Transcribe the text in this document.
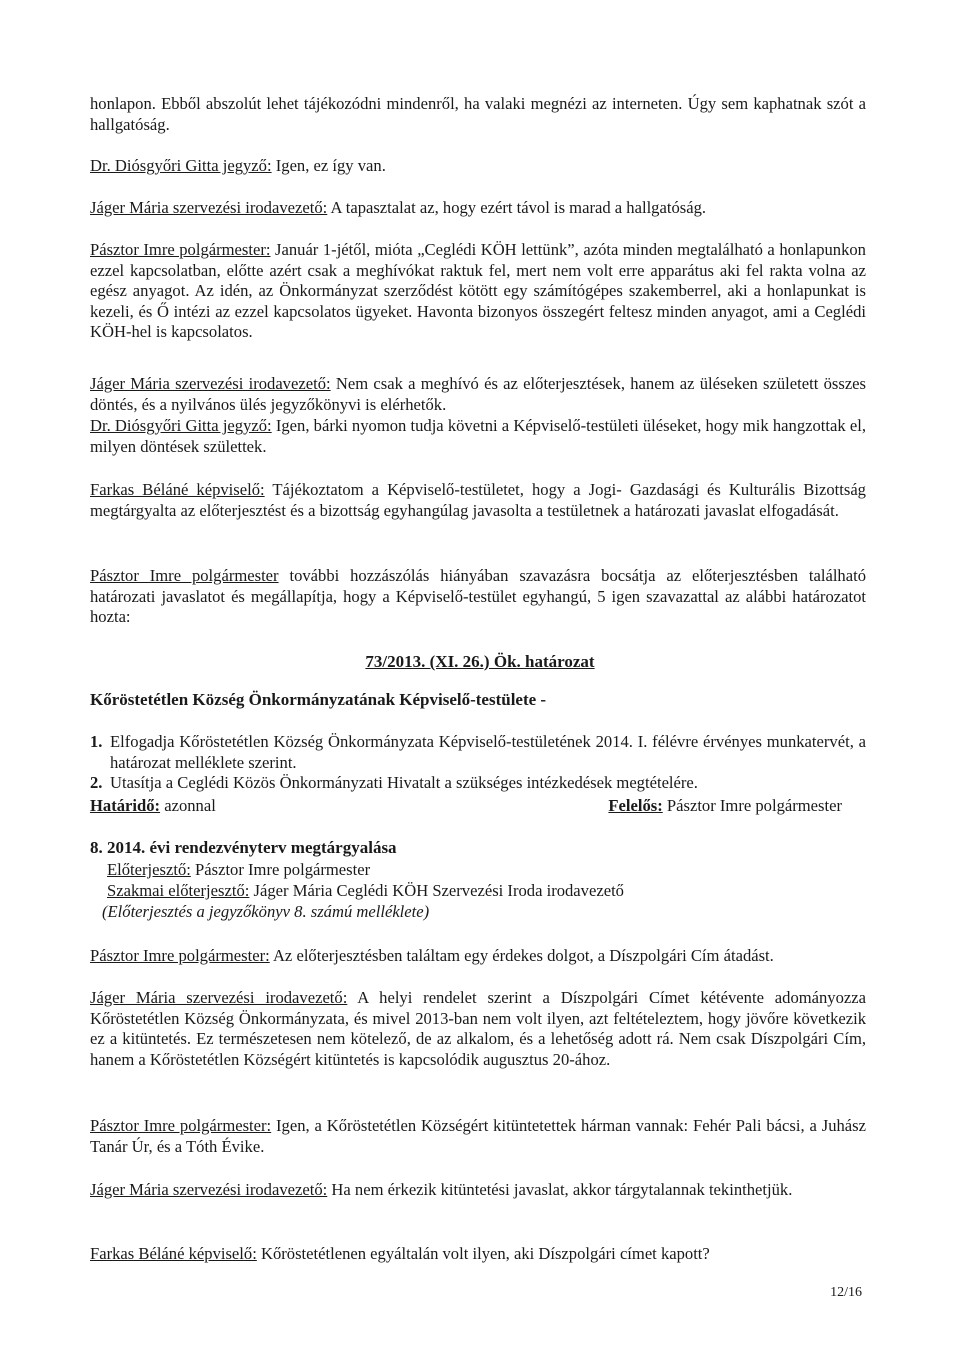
honlapon. Ebből abszolút lehet tájékozódni mindenről, ha valaki megnézi az interneten. Úgy sem kaphatnak szót a hallgatóság.
Dr. Diósgyőri Gitta jegyző: Igen, ez így van.
Jáger Mária szervezési irodavezető: A tapasztalat az, hogy ezért távol is marad a hallgatóság.
Pásztor Imre polgármester: Január 1-jétől, mióta „Ceglédi KÖH lettünk”, azóta minden megtalálható a honlapunkon ezzel kapcsolatban, előtte azért csak a meghívókat raktuk fel, mert nem volt erre apparátus aki fel rakta volna az egész anyagot. Az idén, az Önkormányzat szerződést kötött egy számítógépes szakemberrel, aki a honlapunkat is kezeli, és Ő intézi az ezzel kapcsolatos ügyeket. Havonta bizonyos összegért feltesz minden anyagot, ami a Ceglédi KÖH-hel is kapcsolatos.
Jáger Mária szervezési irodavezető: Nem csak a meghívó és az előterjesztések, hanem az üléseken született összes döntés, és a nyilvános ülés jegyzőkönyvi is elérhetők.
Dr. Diósgyőri Gitta jegyző: Igen, bárki nyomon tudja követni a Képviselő-testületi üléseket, hogy mik hangzottak el, milyen döntések születtek.
Farkas Béláné képviselő: Tájékoztatom a Képviselő-testületet, hogy a Jogi- Gazdasági és Kulturális Bizottság megtárgyalta az előterjesztést és a bizottság egyhangúlag javasolta a testületnek a határozati javaslat elfogadását.
Pásztor Imre polgármester további hozzászólás hiányában szavazásra bocsátja az előterjesztésben található határozati javaslatot és megállapítja, hogy a Képviselő-testület egyhangú, 5 igen szavazattal az alábbi határozatot hozta:
73/2013. (XI. 26.) Ök. határozat
Kőröstetétlen Község Önkormányzatának Képviselő-testülete -
1. Elfogadja Kőröstetétlen Község Önkormányzata Képviselő-testületének 2014. I. félévre érvényes munkatervét, a határozat melléklete szerint.
2. Utasítja a Ceglédi Közös Önkormányzati Hivatalt a szükséges intézkedések megtételére.
Határidő: azonnal	Felelős: Pásztor Imre polgármester
8. 2014. évi rendezvényterv megtárgyalása
Előterjesztő: Pásztor Imre polgármester
Szakmai előterjesztő: Jáger Mária Ceglédi KÖH Szervezési Iroda irodavezető
(Előterjesztés a jegyzőkönyv 8. számú melléklete)
Pásztor Imre polgármester: Az előterjesztésben találtam egy érdekes dolgot, a Díszpolgári Cím átadást.
Jáger Mária szervezési irodavezető: A helyi rendelet szerint a Díszpolgári Címet kétévente adományozza Kőröstetétlen Község Önkormányzata, és mivel 2013-ban nem volt ilyen, azt feltételeztem, hogy jövőre következik ez a kitüntetés. Ez természetesen nem kötelező, de az alkalom, és a lehetőség adott rá. Nem csak Díszpolgári Cím, hanem a Kőröstetétlen Községért kitüntetés is kapcsolódik augusztus 20-ához.
Pásztor Imre polgármester: Igen, a Kőröstetétlen Községért kitüntetettek hárman vannak: Fehér Pali bácsi, a Juhász Tanár Úr, és a Tóth Évike.
Jáger Mária szervezési irodavezető: Ha nem érkezik kitüntetési javaslat, akkor tárgytalannak tekinthetjük.
Farkas Béláné képviselő: Kőröstetétlenen egyáltalán volt ilyen, aki Díszpolgári címet kapott?
12/16
